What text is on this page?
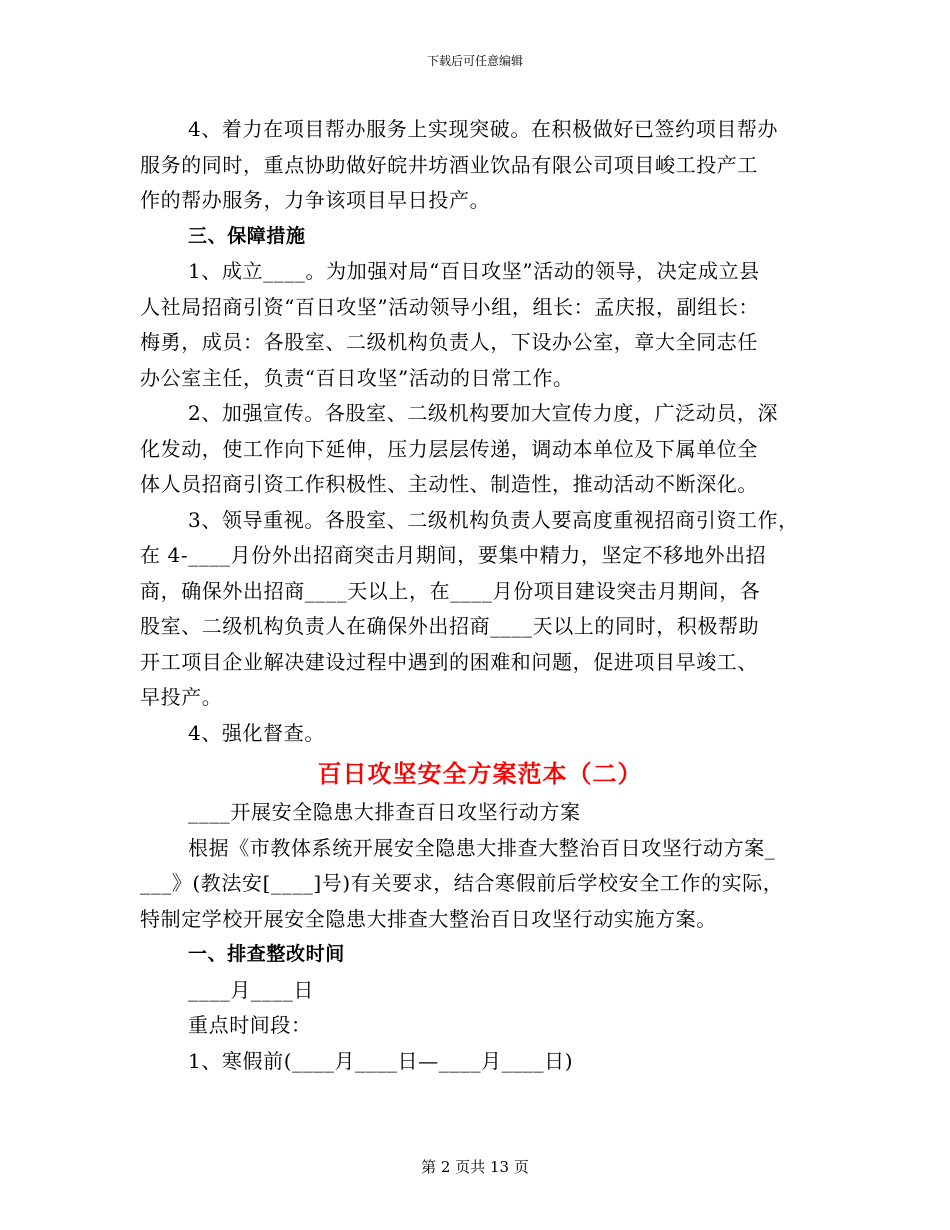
下载后可任意编辑

4、着力在项目帮办服务上实现突破。在积极做好已签约项目帮办
服务的同时，重点协助做好皖井坊酒业饮品有限公司项目峻工投产工
作的帮办服务，力争该项目早日投产。

三、保障措施

1、成立____。为加强对局“百日攻坚”活动的领导，决定成立县
人社局招商引资“百日攻坚”活动领导小组，组长：孟庆报，副组长：
梅勇，成员：各股室、二级机构负责人，下设办公室，章大全同志任
办公室主任，负责“百日攻坚”活动的日常工作。

2、加强宣传。各股室、二级机构要加大宣传力度，广泛动员，深
化发动，使工作向下延伸，压力层层传递，调动本单位及下属单位全
体人员招商引资工作积极性、主动性、制造性，推动活动不断深化。

3、领导重视。各股室、二级机构负责人要高度重视招商引资工作，
在 4-____月份外出招商突击月期间，要集中精力，坚定不移地外出招
商，确保外出招商____天以上，在____月份项目建设突击月期间，各
股室、二级机构负责人在确保外出招商____天以上的同时，积极帮助
开工项目企业解决建设过程中遇到的困难和问题，促进项目早竣工、
早投产。

4、强化督查。

百日攻坚安全方案范本（二）

____开展安全隐患大排查百日攻坚行动方案

根据《市教体系统开展安全隐患大排查大整治百日攻坚行动方案_
___》(教法安[____]号)有关要求，结合寒假前后学校安全工作的实际，
特制定学校开展安全隐患大排查大整治百日攻坚行动实施方案。

一、排查整改时间

____月____日

重点时间段：

1、寒假前(____月____日—____月____日)

第 2 页共 13 页
